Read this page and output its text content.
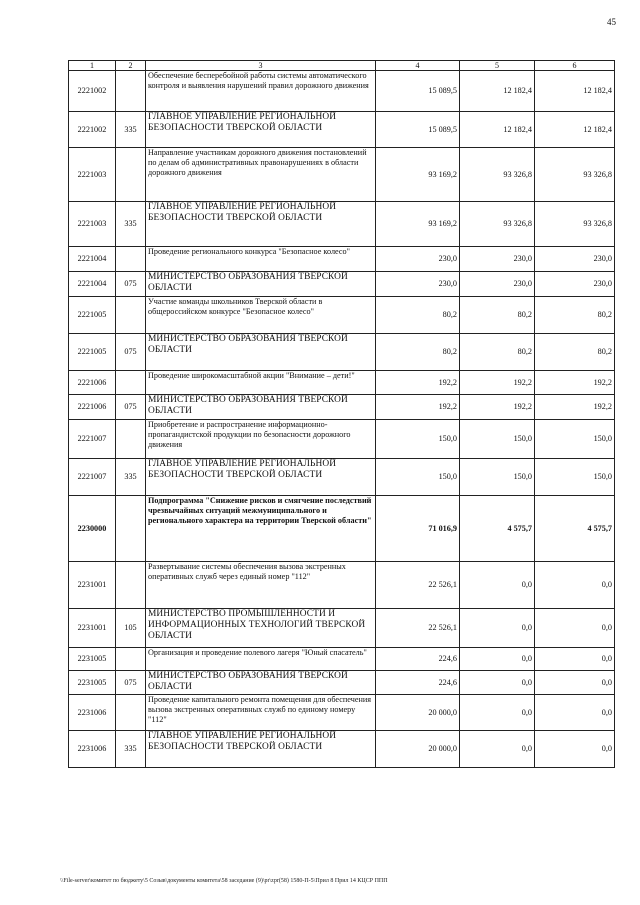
45
1	2	3	4	5	6
2221002		Обеспечение бесперебойной работы системы автоматического контроля и выявления нарушений правил дорожного движения	15 089,5	12 182,4	12 182,4
2221002	335	ГЛАВНОЕ УПРАВЛЕНИЕ РЕГИОНАЛЬНОЙ БЕЗОПАСНОСТИ ТВЕРСКОЙ ОБЛАСТИ	15 089,5	12 182,4	12 182,4
2221003		Направление участникам дорожного движения постановлений по делам об административных правонарушениях в области дорожного движения	93 169,2	93 326,8	93 326,8
2221003	335	ГЛАВНОЕ УПРАВЛЕНИЕ РЕГИОНАЛЬНОЙ БЕЗОПАСНОСТИ ТВЕРСКОЙ ОБЛАСТИ	93 169,2	93 326,8	93 326,8
2221004		Проведение регионального конкурса "Безопасное колесо"	230,0	230,0	230,0
2221004	075	МИНИСТЕРСТВО ОБРАЗОВАНИЯ ТВЕРСКОЙ ОБЛАСТИ	230,0	230,0	230,0
2221005		Участие команды школьников Тверской области в общероссийском конкурсе "Безопасное колесо"	80,2	80,2	80,2
2221005	075	МИНИСТЕРСТВО ОБРАЗОВАНИЯ ТВЕРСКОЙ ОБЛАСТИ	80,2	80,2	80,2
2221006		Проведение широкомасштабной акции "Внимание – дети!"	192,2	192,2	192,2
2221006	075	МИНИСТЕРСТВО ОБРАЗОВАНИЯ ТВЕРСКОЙ ОБЛАСТИ	192,2	192,2	192,2
2221007		Приобретение и распространение информационно-пропагандистской продукции по безопасности дорожного движения	150,0	150,0	150,0
2221007	335	ГЛАВНОЕ УПРАВЛЕНИЕ РЕГИОНАЛЬНОЙ БЕЗОПАСНОСТИ ТВЕРСКОЙ ОБЛАСТИ	150,0	150,0	150,0
2230000		Подпрограмма "Снижение рисков и смягчение последствий чрезвычайных ситуаций межмуниципального и регионального характера на территории Тверской области"	71 016,9	4 575,7	4 575,7
2231001		Развертывание системы обеспечения вызова экстренных оперативных служб через единый номер "112"	22 526,1	0,0	0,0
2231001	105	МИНИСТЕРСТВО ПРОМЫШЛЕННОСТИ И ИНФОРМАЦИОННЫХ ТЕХНОЛОГИЙ ТВЕРСКОЙ ОБЛАСТИ	22 526,1	0,0	0,0
2231005		Организация и проведение полевого лагеря "Юный спасатель"	224,6	0,0	0,0
2231005	075	МИНИСТЕРСТВО ОБРАЗОВАНИЯ ТВЕРСКОЙ ОБЛАСТИ	224,6	0,0	0,0
2231006		Проведение капитального ремонта помещения для обеспечения вызова экстренных оперативных служб по единому номеру "112"	20 000,0	0,0	0,0
2231006	335	ГЛАВНОЕ УПРАВЛЕНИЕ РЕГИОНАЛЬНОЙ БЕЗОПАСНОСТИ ТВЕРСКОЙ ОБЛАСТИ	20 000,0	0,0	0,0
\\File-server\комитет по бюджету\5 Созыв\документы комитета\58 заседание (9)\pr\zpr(58) 1580-П-5\Прил 8 Прил 14 КЦСР ППП
